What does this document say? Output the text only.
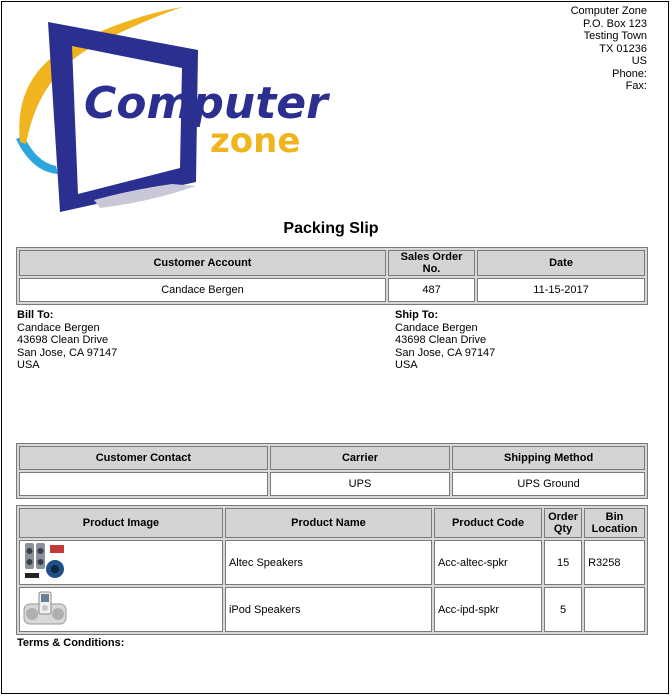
Computer
zone
Computer Zone
P.O. Box 123
Testing Town
TX 01236
US
Phone:
Fax:
Packing Slip
Customer Account	Sales Order No.	Date
Candace Bergen	487	11-15-2017
Bill To:
Candace Bergen
43698 Clean Drive
San Jose, CA 97147
USA
Ship To:
Candace Bergen
43698 Clean Drive
San Jose, CA 97147
USA
Customer Contact	Carrier	Shipping Method
	UPS	UPS Ground
Product Image	Product Name	Product Code	Order Qty	Bin Location
	Altec Speakers	Acc-altec-spkr	15	R3258
	iPod Speakers	Acc-ipd-spkr	5	
Terms & Conditions:
